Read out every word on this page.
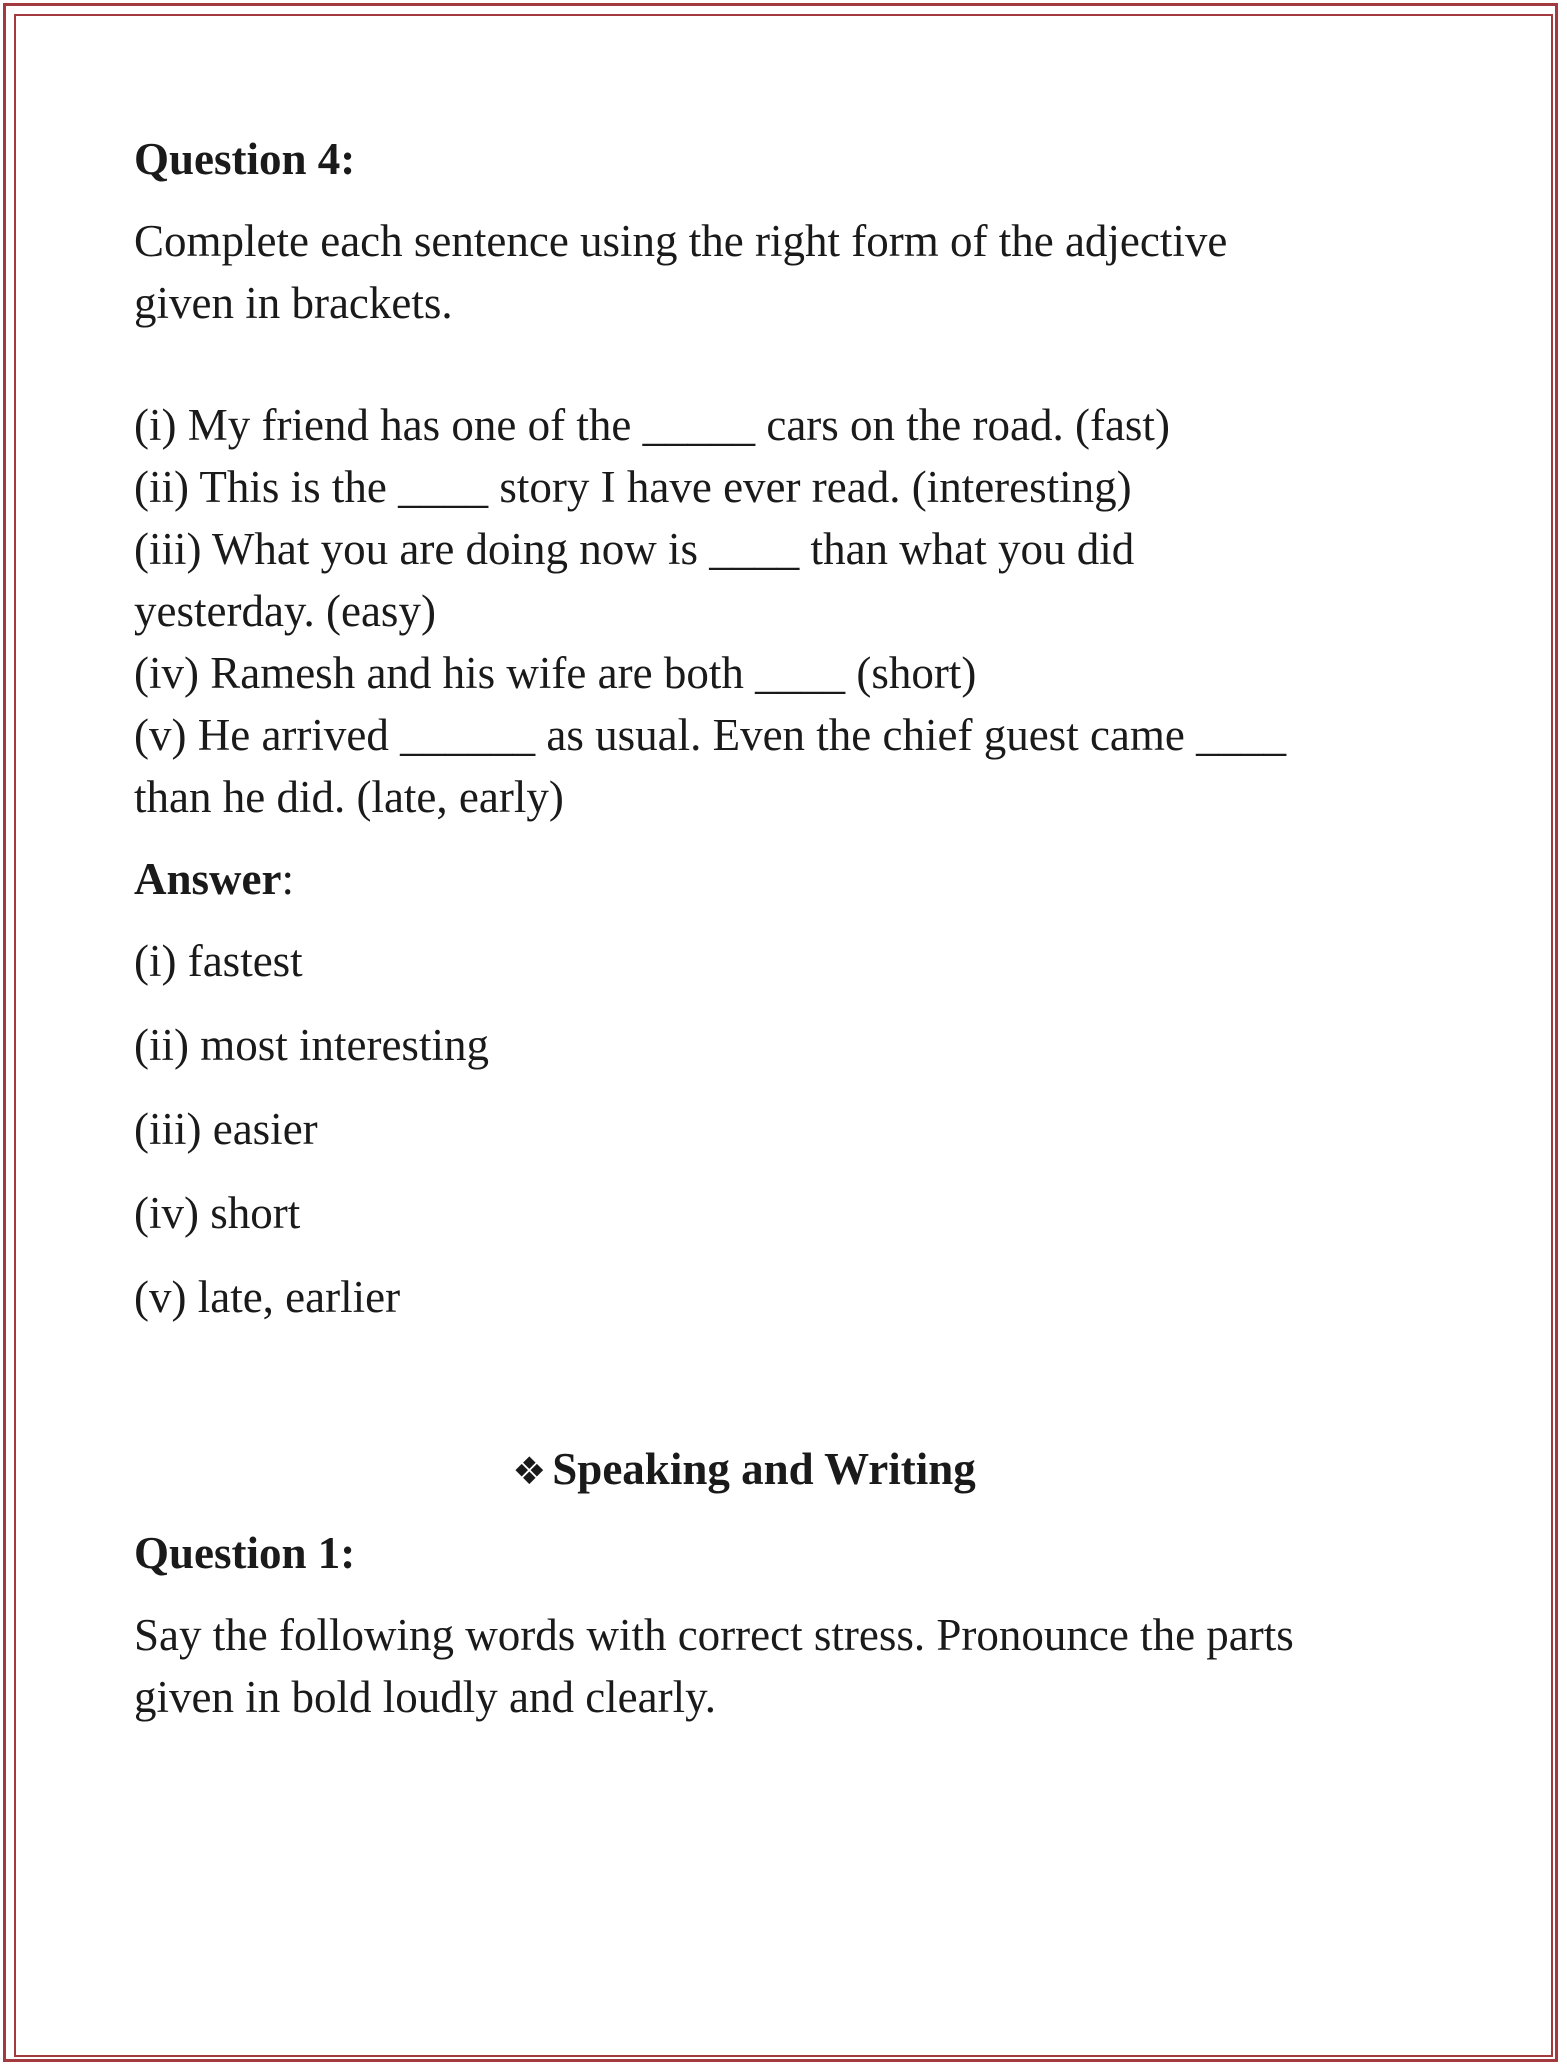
Question 4:

Complete each sentence using the right form of the adjective

given in brackets.

(i) My friend has one of the _____ cars on the road. (fast)

(ii) This is the ____ story I have ever read. (interesting)

(iii) What you are doing now is ____ than what you did

yesterday. (easy)

(iv) Ramesh and his wife are both ____ (short)

(v) He arrived ______ as usual. Even the chief guest came ____

than he did. (late, early)

Answer:

(i) fastest

(ii) most interesting

(iii) easier

(iv) short

(v) late, earlier

❖ Speaking and Writing

Question 1:

Say the following words with correct stress. Pronounce the parts

given in bold loudly and clearly.
